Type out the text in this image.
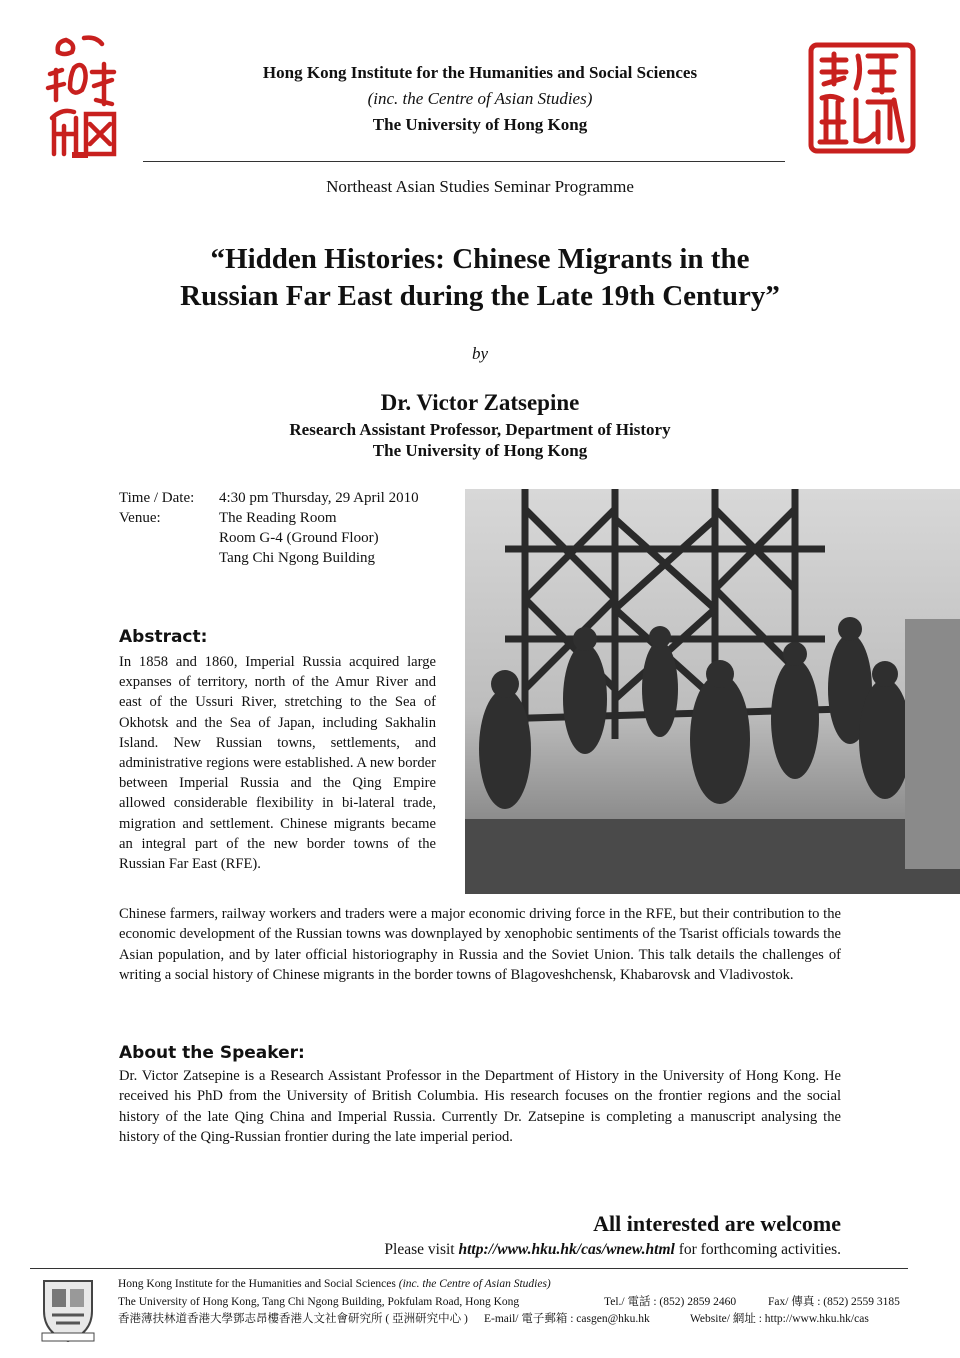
Hong Kong Institute for the Humanities and Social Sciences
(inc. the Centre of Asian Studies)
The University of Hong Kong
Northeast Asian Studies Seminar Programme
“Hidden Histories: Chinese Migrants in the
Russian Far East during the Late 19th Century”
by
Dr. Victor Zatsepine
Research Assistant Professor, Department of History
The University of Hong Kong
Time / Date:	4:30 pm Thursday, 29 April 2010
Venue:	The Reading Room
Room G-4 (Ground Floor)
Tang Chi Ngong Building
Abstract:
In 1858 and 1860, Imperial Russia acquired large expanses of territory, north of the Amur River and east of the Ussuri River, stretching to the Sea of Okhotsk and the Sea of Japan, including Sakhalin Island. New Russian towns, settlements, and administrative regions were established. A new border between Imperial Russia and the Qing Empire allowed considerable flexibility in bi-lateral trade, migration and settlement. Chinese migrants became an integral part of the new border towns of the Russian Far East (RFE).
Chinese farmers, railway workers and traders were a major economic driving force in the RFE, but their contribution to the economic development of the Russian towns was downplayed by xenophobic sentiments of the Tsarist officials towards the Asian population, and by later official historiography in Russia and the Soviet Union. This talk details the challenges of writing a social history of Chinese migrants in the border towns of Blagoveshchensk, Khabarovsk and Vladivostok.
About the Speaker:
Dr. Victor Zatsepine is a Research Assistant Professor in the Department of History in the University of Hong Kong. He received his PhD from the University of British Columbia. His research focuses on the frontier regions and the social history of the late Qing China and Imperial Russia. Currently Dr. Zatsepine is completing a manuscript analysing the history of the Qing-Russian frontier during the late imperial period.
All interested are welcome
Please visit http://www.hku.hk/cas/wnew.html for forthcoming activities.
Hong Kong Institute for the Humanities and Social Sciences (inc. the Centre of Asian Studies)
The University of Hong Kong, Tang Chi Ngong Building, Pokfulam Road, Hong Kong	Tel./ 電話 : (852) 2859 2460	Fax/ 傳真 : (852) 2559 3185
香港薄扶林道香港大學鄧志昂樓香港人文社會研究所 ( 亞洲研究中心 ) E-mail/ 電子郵箱 : casgen@hku.hk	Website/ 網址 : http://www.hku.hk/cas
